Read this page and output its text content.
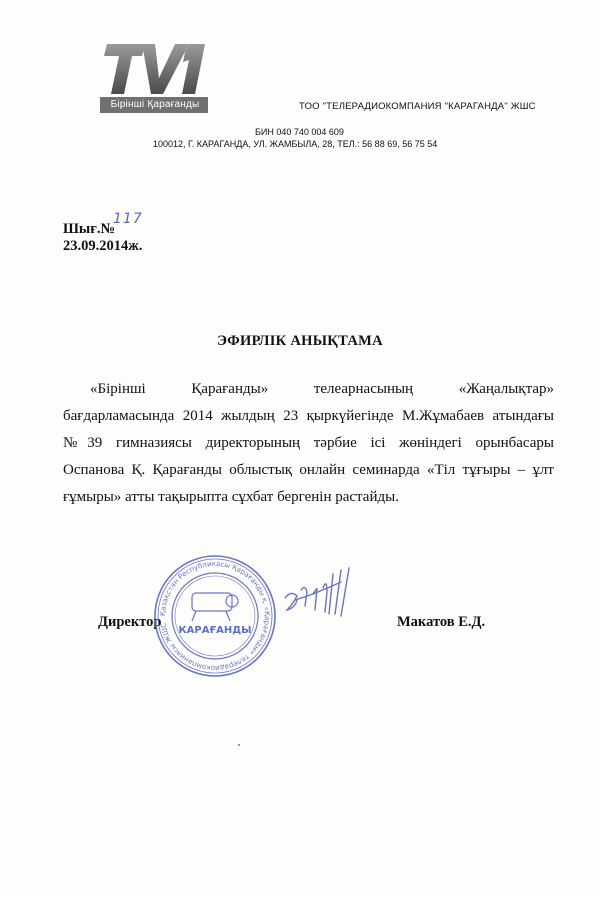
Бірінші Қарағанды	ТОО "ТЕЛЕРАДИОКОМПАНИЯ "КАРАГАНДА" ЖШС
БИН 040 740 004 609
100012, Г. КАРАГАНДА, УЛ. ЖАМБЫЛА, 28, ТЕЛ.: 56 88 69, 56 75 54
Шығ.№
117
23.09.2014ж.
ЭФИРЛІК АНЫҚТАМА
«Бірінші Қарағанды» телеарнасының «Жаңалықтар»
бағдарламасында 2014 жылдың 23 қыркүйегінде М.Жұмабаев атындағы
№39 гимназиясы директорының тәрбие ісі жөніндегі орынбасары
Оспанова Қ. Қарағанды облыстық онлайн семинарда «Тіл тұғыры – ұлт
ғұмыры» атты тақырыпта сұхбат бергенін растайды.
Директор	Макатов Е.Д.
Қазақстан Республикасы Қарағанды қ. «Қарағанды» телерадиокомпаниясы ЖШС	КАРАҒАНДЫ
